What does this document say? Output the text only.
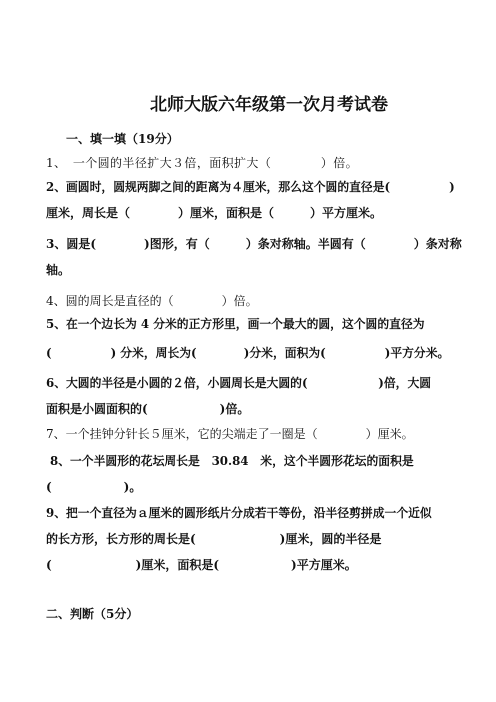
北师大版六年级第一次月考试卷
一、填一填（19分）
1、　一个圆的半径扩大３倍，面积扩大（　　　　）倍。
2、画圆时，圆规两脚之间的距离为４厘米，那么这个圆的直径是(　　　　　)
厘米，周长是（　　　　）厘米，面积是（　　　）平方厘米。
3、圆是(　　　　)图形，有（　　　）条对称轴。半圆有（　　　　）条对称
轴。
4、圆的周长是直径的（　　　　）倍。
5、在一个边长为 4 分米的正方形里，画一个最大的圆，这个圆的直径为
(　　　　　) 分米，周长为(　　　　)分米，面积为(　　　　　)平方分米。
6、大圆的半径是小圆的２倍，小圆周长是大圆的(　　　　　　)倍，大圆
面积是小圆面积的(　　　　　　)倍。
7、一个挂钟分针长５厘米，它的尖端走了一圈是（　　　　）厘米。
8、一个半圆形的花坛周长是　30.84　米，这个半圆形花坛的面积是
(　　　　　　)。
9、把一个直径为ａ厘米的圆形纸片分成若干等份，沿半径剪拼成一个近似
的长方形，长方形的周长是(　　　　　　　)厘米，圆的半径是
(　　　　　　　)厘米，面积是(　　　　　　)平方厘米。
二、判断（5分）
